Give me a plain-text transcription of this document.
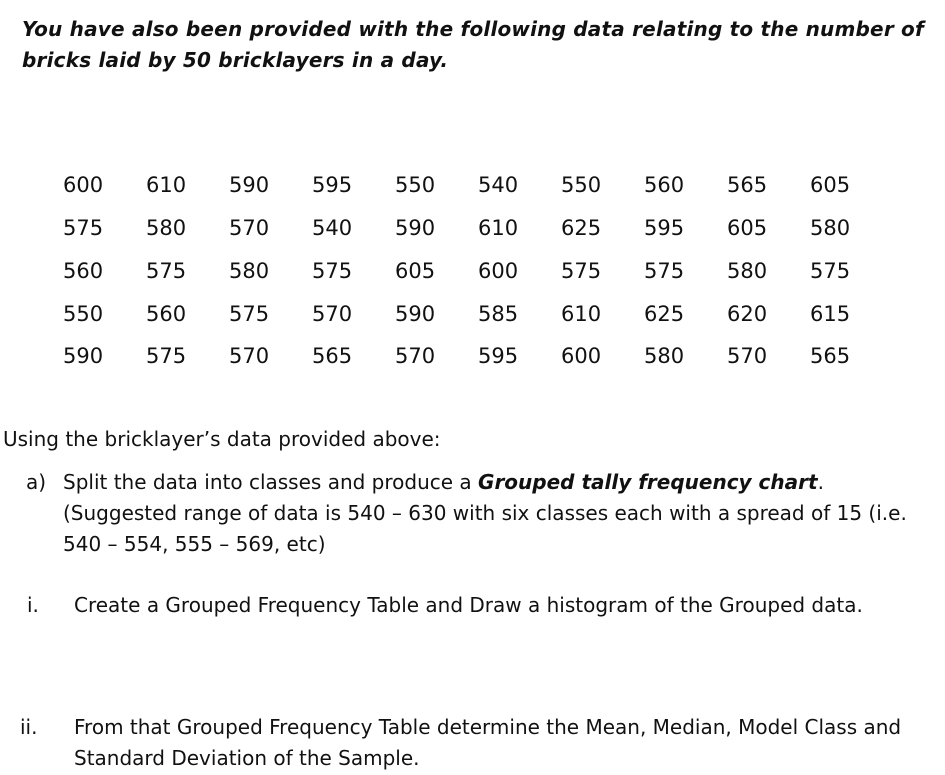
You have also been provided with the following data relating to the number of bricks laid by 50 bricklayers in a day.
600	610	590	595	550	540	550	560	565	605
575	580	570	540	590	610	625	595	605	580
560	575	580	575	605	600	575	575	580	575
550	560	575	570	590	585	610	625	620	615
590	575	570	565	570	595	600	580	570	565
Using the bricklayer’s data provided above:
a) Split the data into classes and produce a Grouped tally frequency chart.
(Suggested range of data is 540 – 630 with six classes each with a spread of 15 (i.e. 540 – 554, 555 – 569, etc)
i. Create a Grouped Frequency Table and Draw a histogram of the Grouped data.
ii. From that Grouped Frequency Table determine the Mean, Median, Model Class and Standard Deviation of the Sample.
